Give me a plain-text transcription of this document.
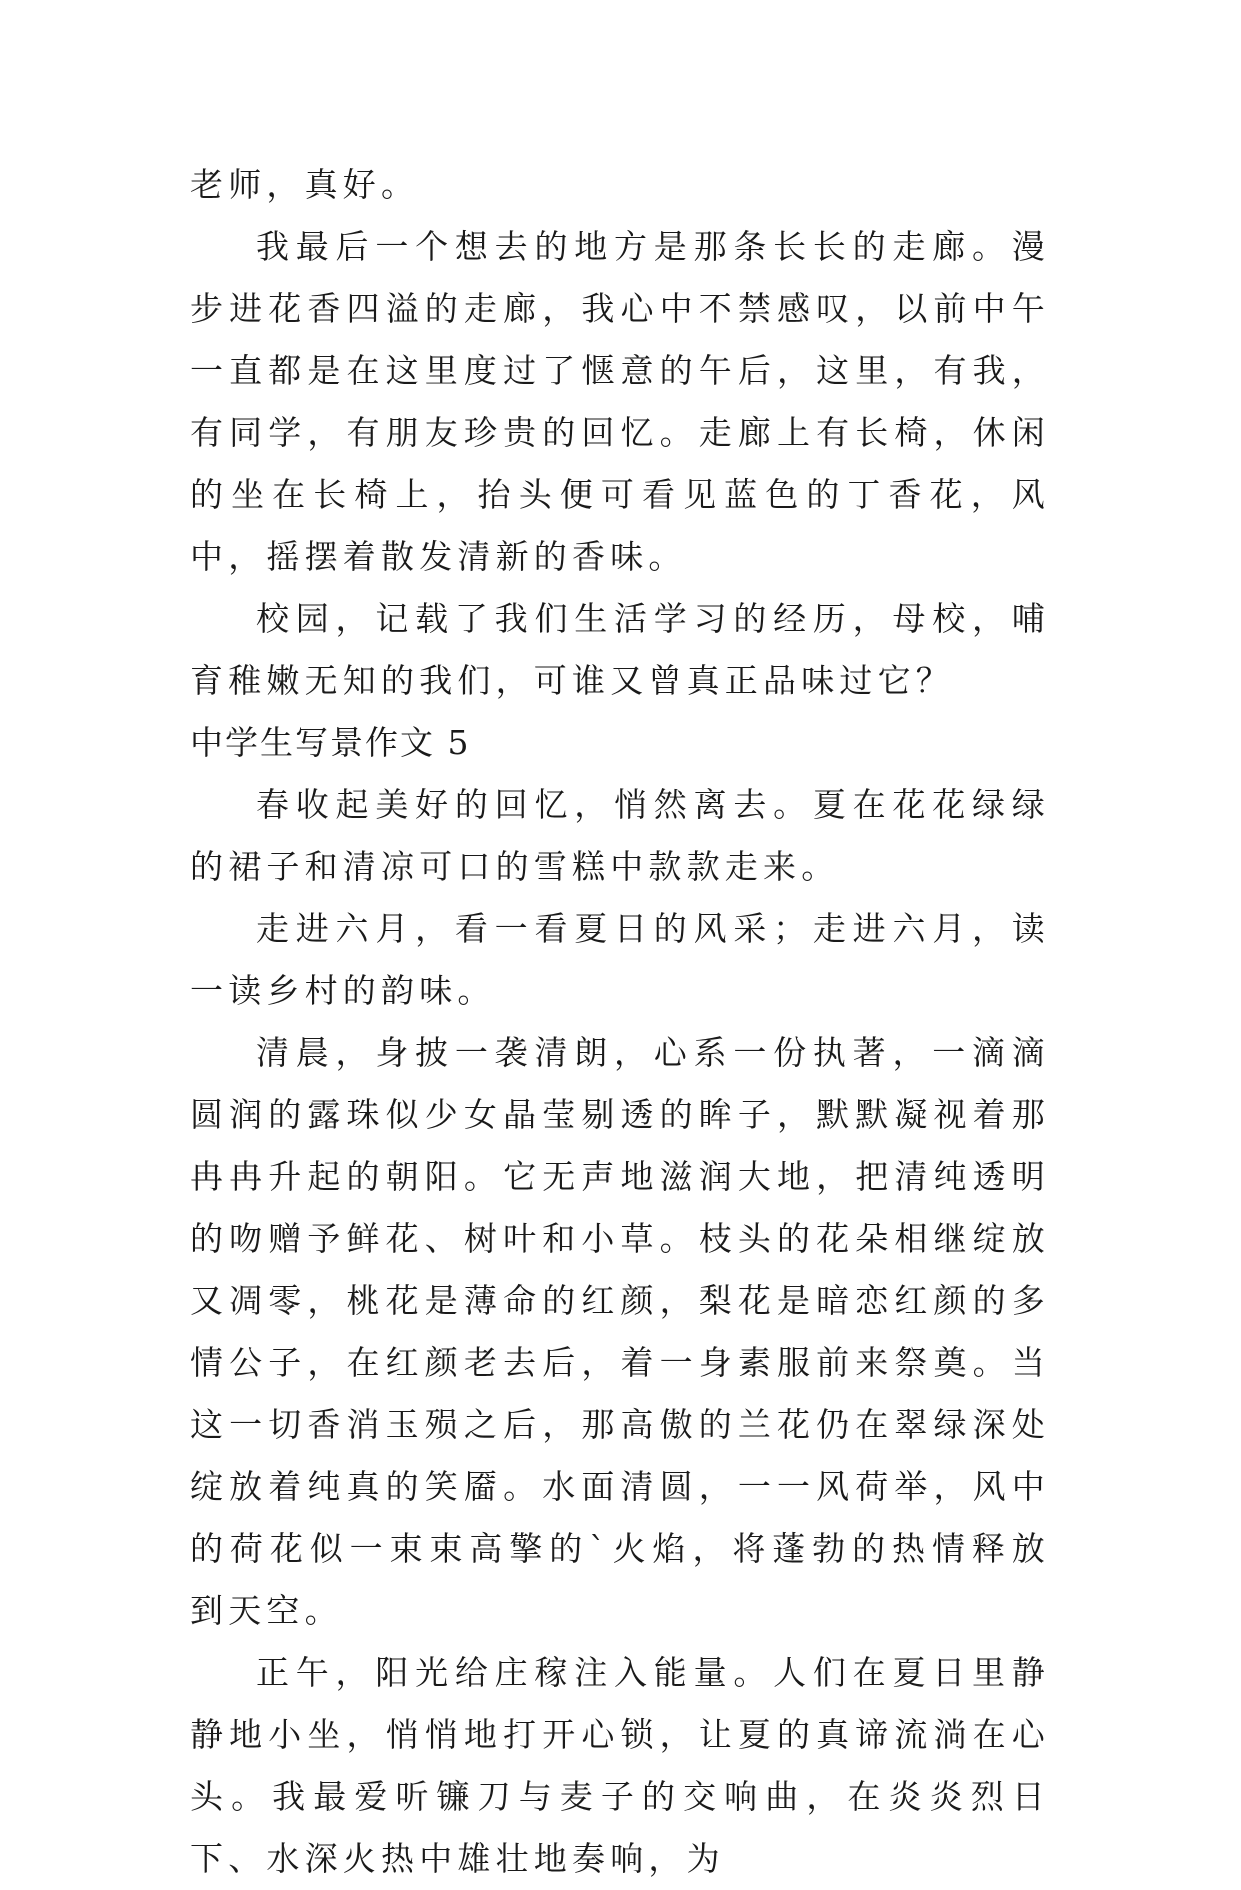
老师，真好。

我最后一个想去的地方是那条长长的走廊。漫步进花香四溢的走廊，我心中不禁感叹，以前中午一直都是在这里度过了惬意的午后，这里，有我，有同学，有朋友珍贵的回忆。走廊上有长椅，休闲的坐在长椅上，抬头便可看见蓝色的丁香花，风中，摇摆着散发清新的香味。

校园，记载了我们生活学习的经历，母校，哺育稚嫩无知的我们，可谁又曾真正品味过它？

中学生写景作文 5

春收起美好的回忆，悄然离去。夏在花花绿绿的裙子和清凉可口的雪糕中款款走来。

走进六月，看一看夏日的风采；走进六月，读一读乡村的韵味。

清晨，身披一袭清朗，心系一份执著，一滴滴圆润的露珠似少女晶莹剔透的眸子，默默凝视着那冉冉升起的朝阳。它无声地滋润大地，把清纯透明的吻赠予鲜花、树叶和小草。枝头的花朵相继绽放又凋零，桃花是薄命的红颜，梨花是暗恋红颜的多情公子，在红颜老去后，着一身素服前来祭奠。当这一切香消玉殒之后，那高傲的兰花仍在翠绿深处绽放着纯真的笑靥。水面清圆，一一风荷举，风中的荷花似一束束高擎的`火焰，将蓬勃的热情释放到天空。

正午，阳光给庄稼注入能量。人们在夏日里静静地小坐，悄悄地打开心锁，让夏的真谛流淌在心头。我最爱听镰刀与麦子的交响曲，在炎炎烈日下、水深火热中雄壮地奏响，为
